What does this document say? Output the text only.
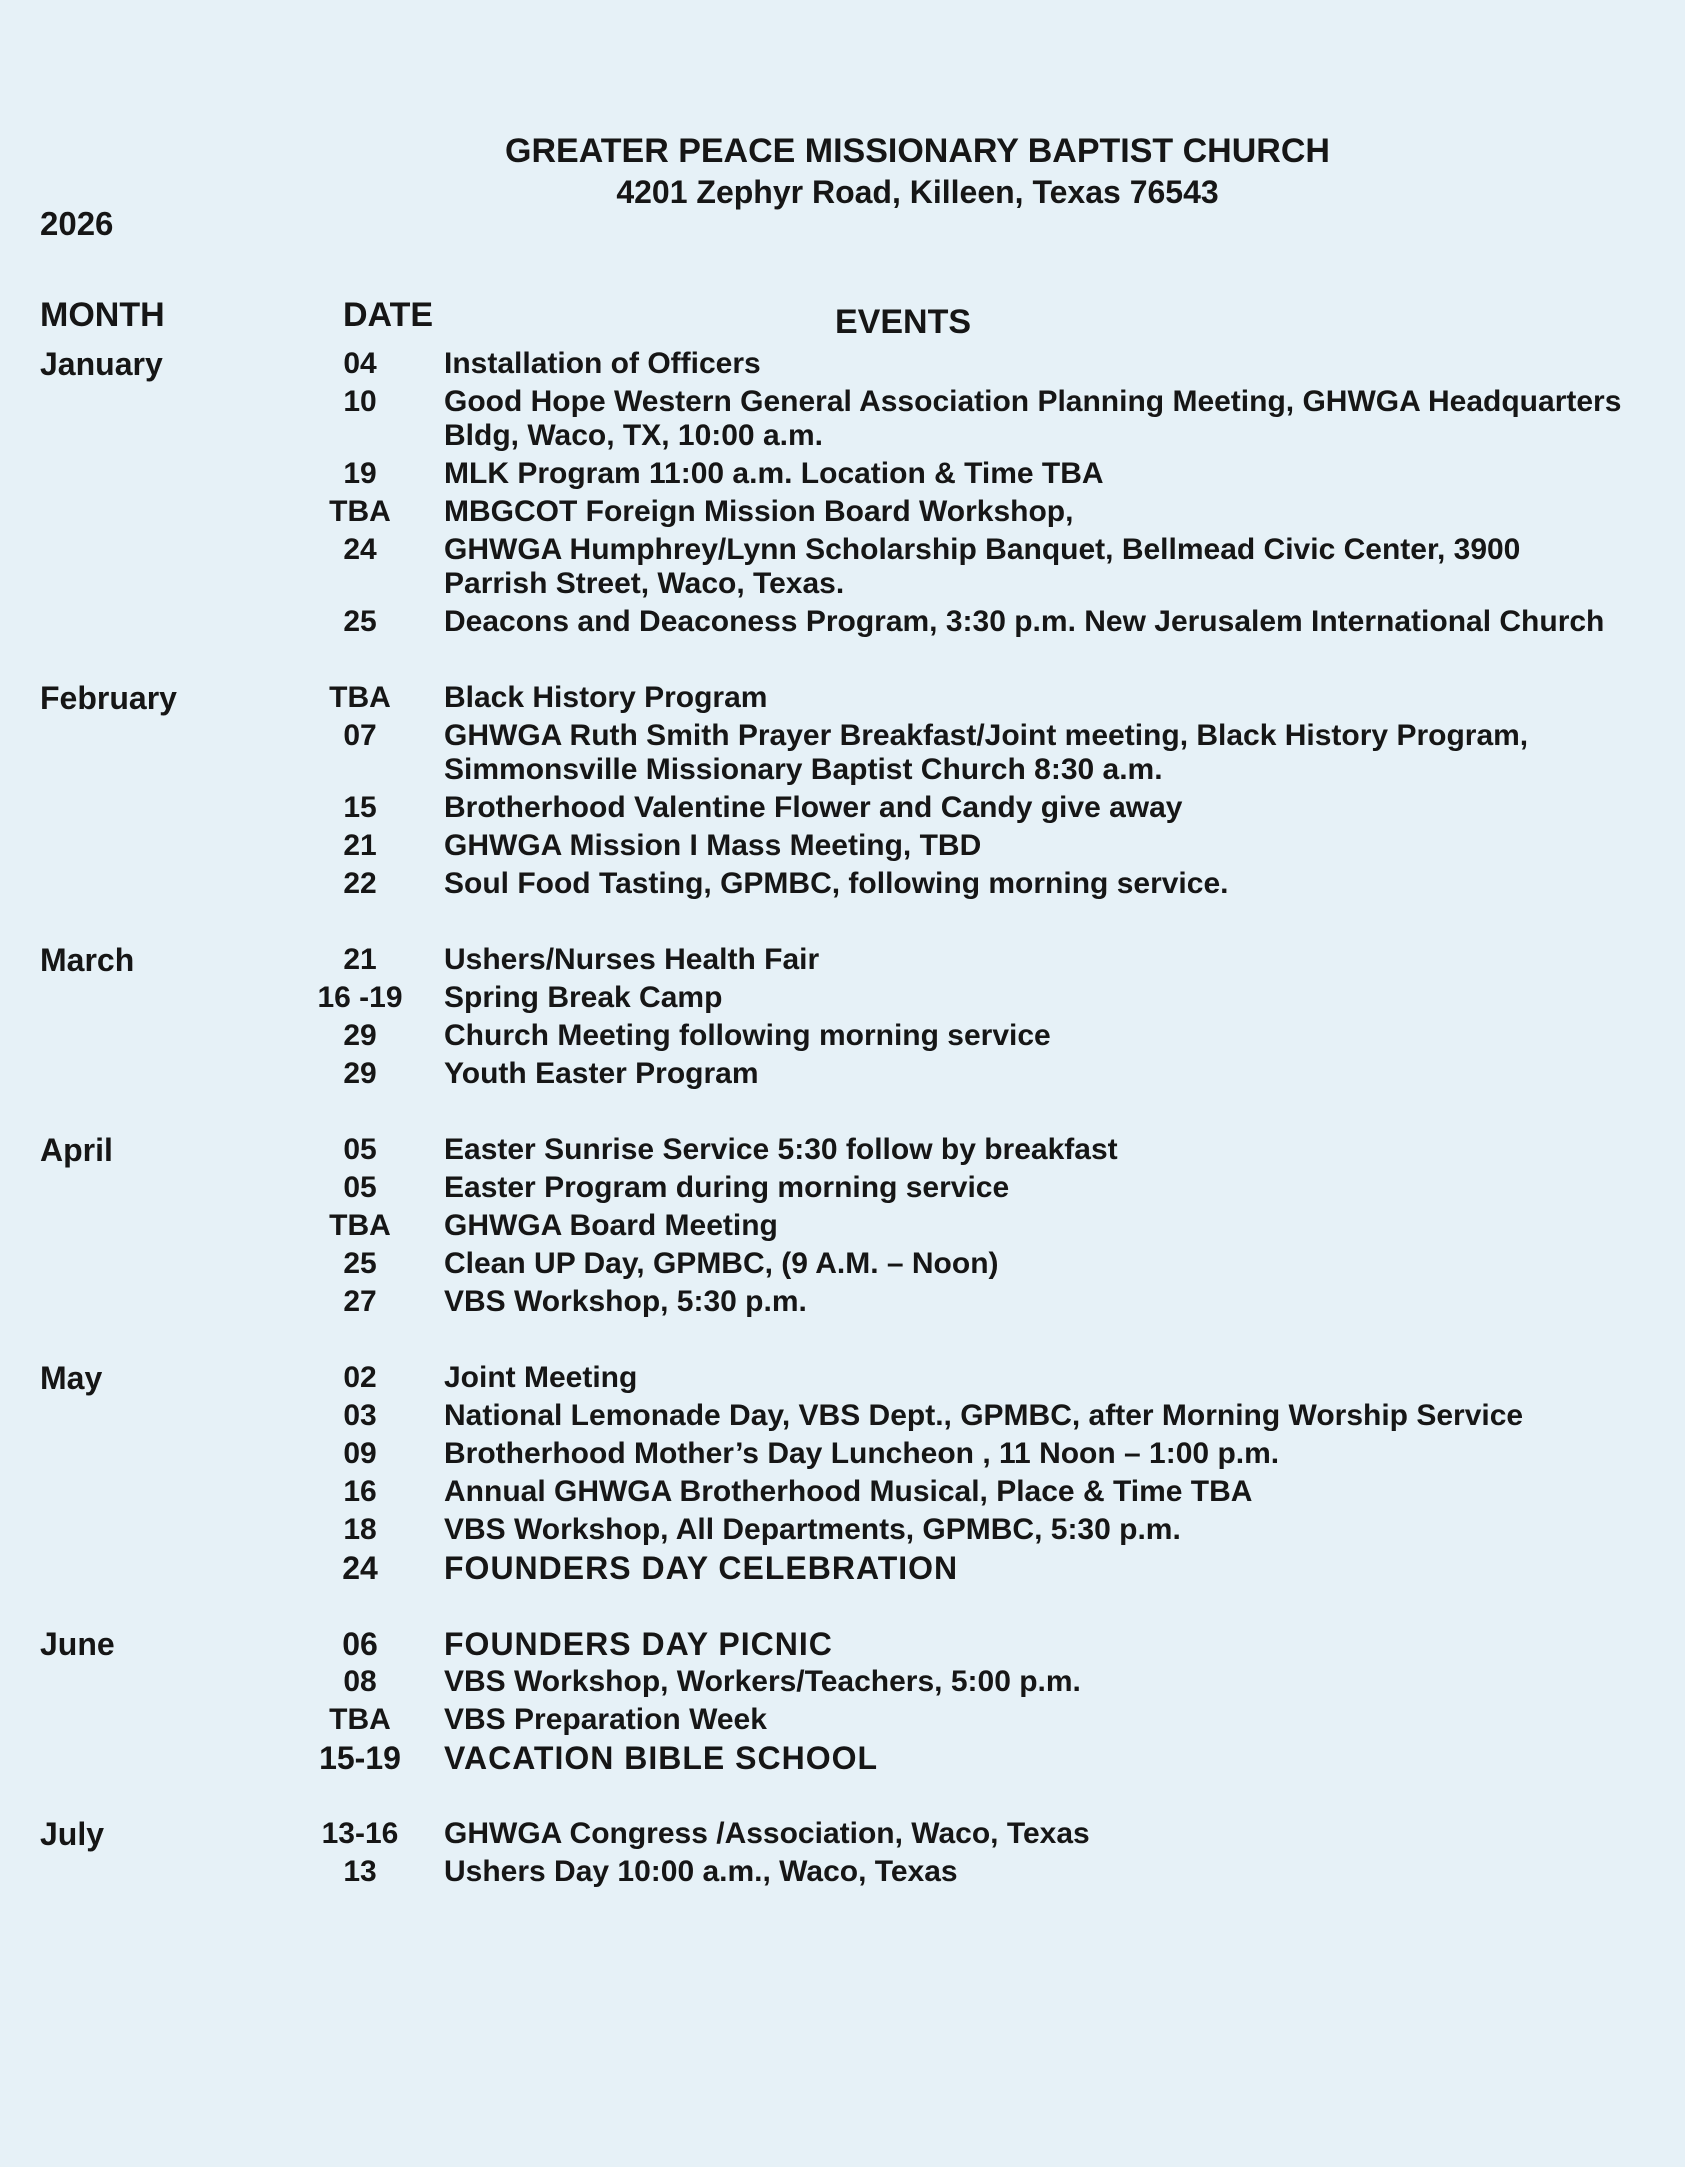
GREATER PEACE MISSIONARY BAPTIST CHURCH
4201 Zephyr Road, Killeen, Texas 76543
2026
MONTH	DATE	EVENTS
January	04	Installation of Officers
10	Good Hope Western General Association Planning Meeting, GHWGA Headquarters Bldg, Waco, TX, 10:00 a.m.
19	MLK Program 11:00 a.m. Location & Time TBA
TBA	MBGCOT Foreign Mission Board Workshop,
24	GHWGA Humphrey/Lynn Scholarship Banquet, Bellmead Civic Center, 3900 Parrish Street, Waco, Texas.
25	Deacons and Deaconess Program, 3:30 p.m. New Jerusalem International Church
February	TBA	Black History Program
07	GHWGA Ruth Smith Prayer Breakfast/Joint meeting, Black History Program, Simmonsville Missionary Baptist Church 8:30 a.m.
15	Brotherhood Valentine Flower and Candy give away
21	GHWGA Mission I Mass Meeting, TBD
22	Soul Food Tasting, GPMBC, following morning service.
March	21	Ushers/Nurses Health Fair
16 -19	Spring Break Camp
29	Church Meeting following morning service
29	Youth Easter Program
April	05	Easter Sunrise Service 5:30 follow by breakfast
05	Easter Program during morning service
TBA	GHWGA Board Meeting
25	Clean UP Day, GPMBC, (9 A.M. – Noon)
27	VBS Workshop, 5:30 p.m.
May	02	Joint Meeting
03	National Lemonade Day, VBS Dept., GPMBC, after Morning Worship Service
09	Brotherhood Mother’s Day Luncheon , 11 Noon – 1:00 p.m.
16	Annual GHWGA Brotherhood Musical, Place & Time TBA
18	VBS Workshop, All Departments, GPMBC, 5:30 p.m.
24	FOUNDERS DAY CELEBRATION
June	06	FOUNDERS DAY PICNIC
08	VBS Workshop, Workers/Teachers, 5:00 p.m.
TBA	VBS Preparation Week
15-19	VACATION BIBLE SCHOOL
July	13-16	GHWGA Congress /Association, Waco, Texas
13	Ushers Day 10:00 a.m., Waco, Texas
